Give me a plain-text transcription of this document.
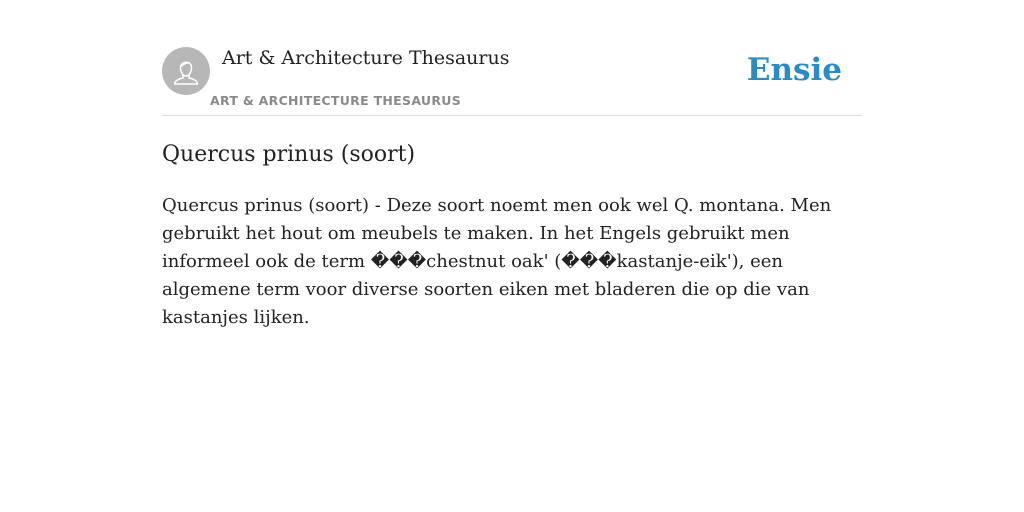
Art & Architecture Thesaurus
ART & ARCHITECTURE THESAURUS
Ensie
Quercus prinus (soort)

Quercus prinus (soort) - Deze soort noemt men ook wel Q. montana. Men gebruikt het hout om meubels te maken. In het Engels gebruikt men informeel ook de term ���chestnut oak' (���kastanje-eik'), een algemene term voor diverse soorten eiken met bladeren die op die van kastanjes lijken.
